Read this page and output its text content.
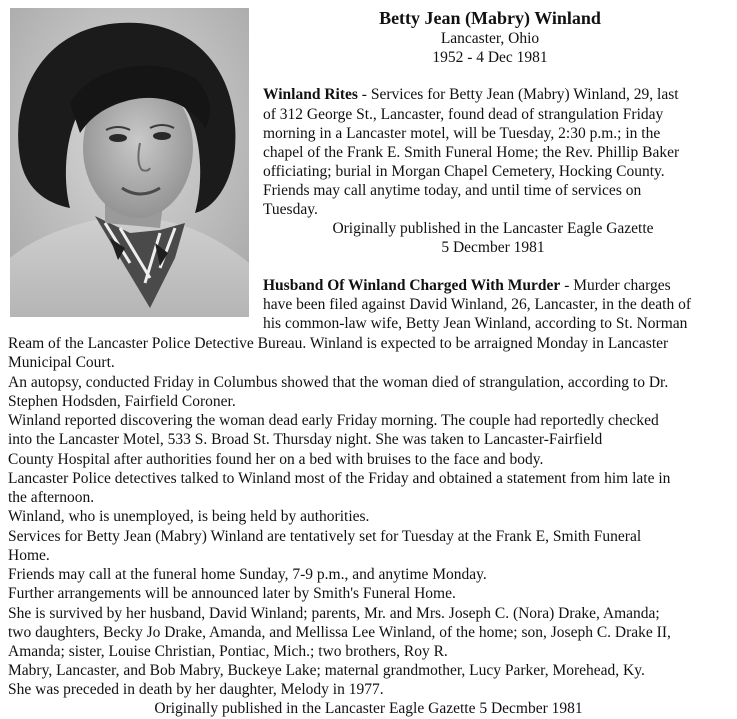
Betty Jean (Mabry) Winland
Lancaster, Ohio
1952 - 4 Dec 1981
Winland Rites - Services for Betty Jean (Mabry) Winland, 29, last
of 312 George St., Lancaster, found dead of strangulation Friday
morning in a Lancaster motel, will be Tuesday, 2:30 p.m.; in the
chapel of the Frank E. Smith Funeral Home; the Rev. Phillip Baker
officiating; burial in Morgan Chapel Cemetery, Hocking County.
Friends may call anytime today, and until time of services on
Tuesday.
Originally published in the Lancaster Eagle Gazette
5 Decmber 1981
Husband Of Winland Charged With Murder - Murder charges
have been filed against David Winland, 26, Lancaster, in the death of
his common-law wife, Betty Jean Winland, according to St. Norman
Ream of the Lancaster Police Detective Bureau. Winland is expected to be arraigned Monday in Lancaster
Municipal Court.
An autopsy, conducted Friday in Columbus showed that the woman died of strangulation, according to Dr.
Stephen Hodsden, Fairfield Coroner.
Winland reported discovering the woman dead early Friday morning. The couple had reportedly checked
into the Lancaster Motel, 533 S. Broad St. Thursday night. She was taken to Lancaster-Fairfield
County Hospital after authorities found her on a bed with bruises to the face and body.
Lancaster Police detectives talked to Winland most of the Friday and obtained a statement from him late in
the afternoon.
Winland, who is unemployed, is being held by authorities.
Services for Betty Jean (Mabry) Winland are tentatively set for Tuesday at the Frank E, Smith Funeral
Home.
Friends may call at the funeral home Sunday, 7-9 p.m., and anytime Monday.
Further arrangements will be announced later by Smith's Funeral Home.
She is survived by her husband, David Winland; parents, Mr. and Mrs. Joseph C. (Nora) Drake, Amanda;
two daughters, Becky Jo Drake, Amanda, and Mellissa Lee Winland, of the home; son, Joseph C. Drake II,
Amanda; sister, Louise Christian, Pontiac, Mich.; two brothers, Roy R.
Mabry, Lancaster, and Bob Mabry, Buckeye Lake; maternal grandmother, Lucy Parker, Morehead, Ky.
She was preceded in death by her daughter, Melody in 1977.
Originally published in the Lancaster Eagle Gazette 5 Decmber 1981
